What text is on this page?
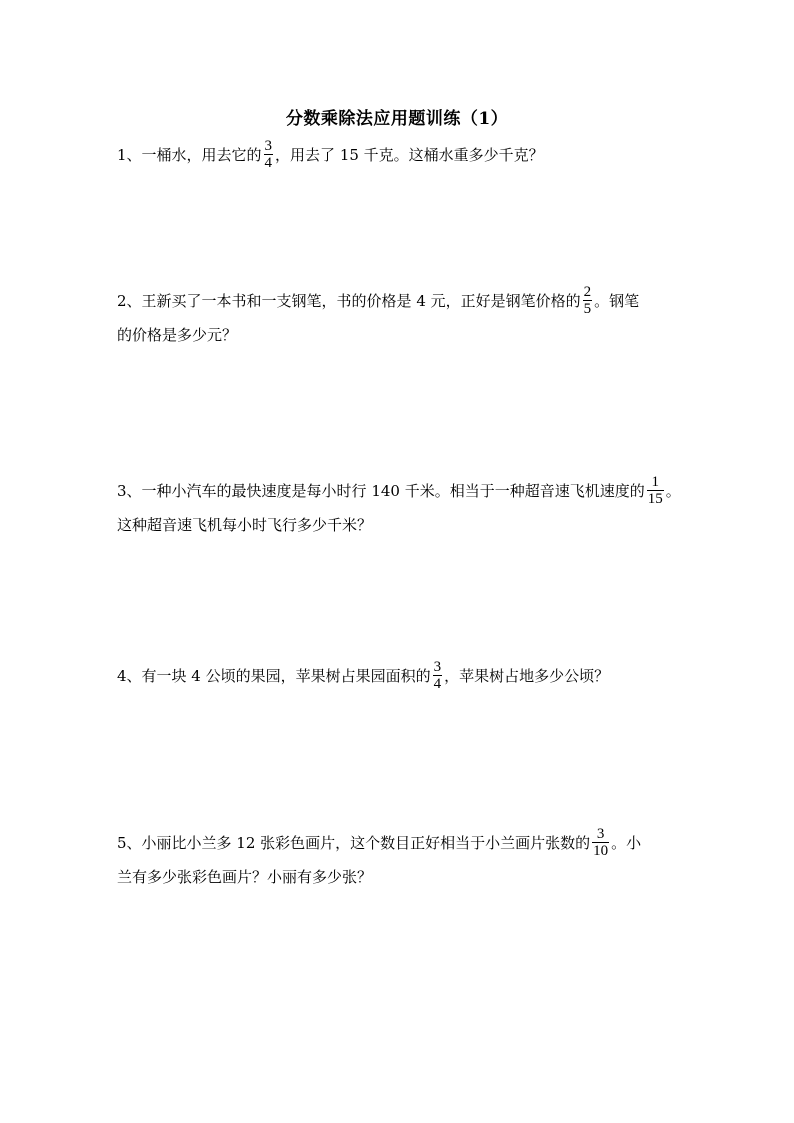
分数乘除法应用题训练（1）
1、一桶水，用去它的 $\frac{3}{4}$ ，用去了 15 千克。这桶水重多少千克？
2、王新买了一本书和一支钢笔，书的价格是 4 元，正好是钢笔价格的 $\frac{2}{5}$ 。钢笔
的价格是多少元？
3、一种小汽车的最快速度是每小时行 140 千米。相当于一种超音速飞机速度的 $\frac{1}{15}$ 。
这种超音速飞机每小时飞行多少千米？
4、有一块 4 公顷的果园，苹果树占果园面积的 $\frac{3}{4}$ ，苹果树占地多少公顷？
5、小丽比小兰多 12 张彩色画片，这个数目正好相当于小兰画片张数的 $\frac{3}{10}$ 。小
兰有多少张彩色画片？小丽有多少张？
